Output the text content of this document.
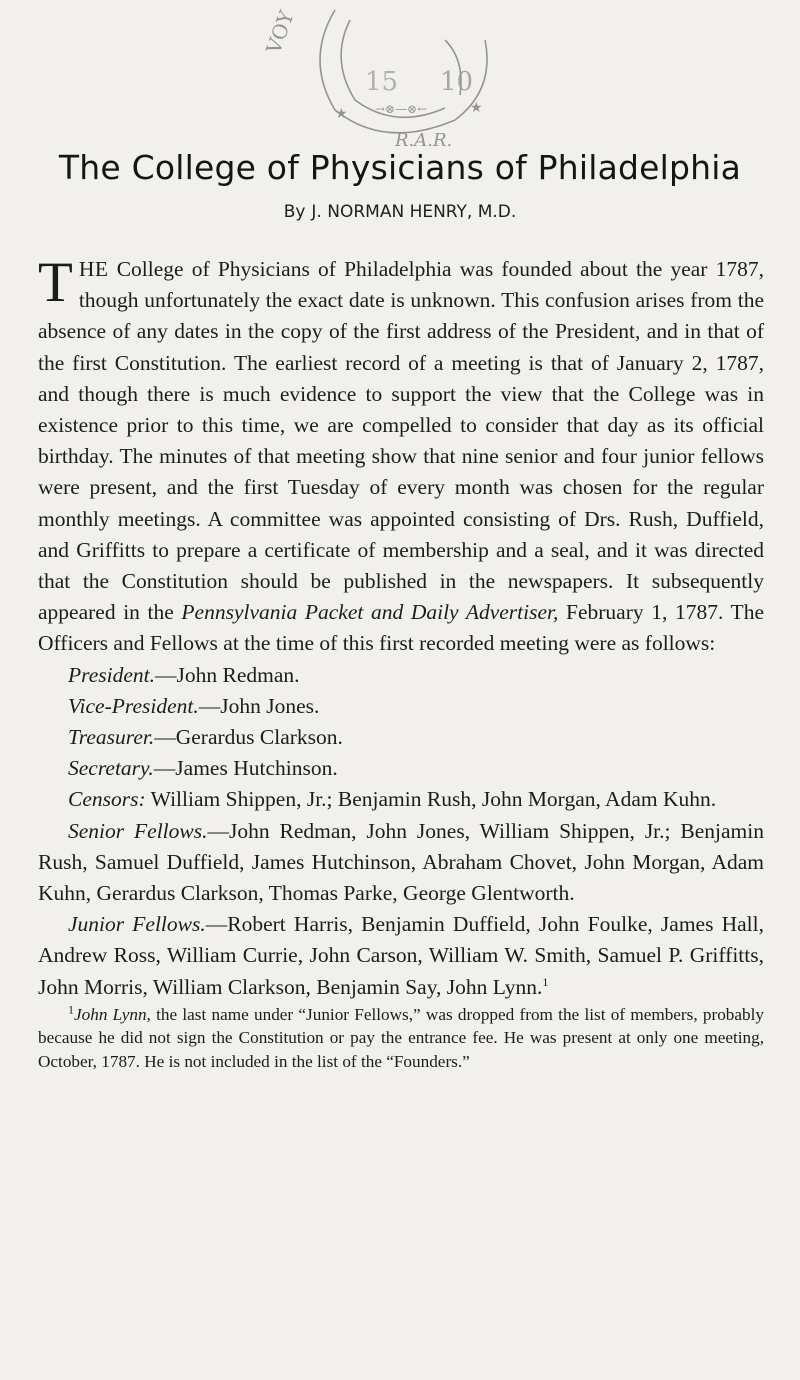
VOY
15 10
→⊗—⊗←
★	★
R.A.R.
The College of Physicians of Philadelphia
By J. NORMAN HENRY, M.D.

THE College of Physicians of Philadelphia was founded about the year 1787, though unfortunately the exact date is unknown. This confusion arises from the absence of any dates in the copy of the first address of the President, and in that of the first Constitution. The earliest record of a meeting is that of January 2, 1787, and though there is much evidence to support the view that the College was in existence prior to this time, we are compelled to consider that day as its official birthday. The minutes of that meeting show that nine senior and four junior fellows were present, and the first Tuesday of every month was chosen for the regular monthly meetings. A committee was appointed consisting of Drs. Rush, Duffield, and Griffitts to prepare a certificate of membership and a seal, and it was directed that the Constitution should be published in the newspapers. It subsequently appeared in the Pennsylvania Packet and Daily Advertiser, February 1, 1787. The Officers and Fellows at the time of this first recorded meeting were as follows:

President.—John Redman.

Vice-President.—John Jones.

Treasurer.—Gerardus Clarkson.

Secretary.—James Hutchinson.

Censors: William Shippen, Jr.; Benjamin Rush, John Morgan, Adam Kuhn.

Senior Fellows.—John Redman, John Jones, William Shippen, Jr.; Benjamin Rush, Samuel Duffield, James Hutchinson, Abraham Chovet, John Morgan, Adam Kuhn, Gerardus Clarkson, Thomas Parke, George Glentworth.

Junior Fellows.—Robert Harris, Benjamin Duffield, John Foulke, James Hall, Andrew Ross, William Currie, John Carson, William W. Smith, Samuel P. Griffitts, John Morris, William Clarkson, Benjamin Say, John Lynn.$^1$

$^1$John Lynn, the last name under “Junior Fellows,” was dropped from the list of members, probably because he did not sign the Constitution or pay the entrance fee. He was present at only one meeting, October, 1787. He is not included in the list of the “Founders.”
